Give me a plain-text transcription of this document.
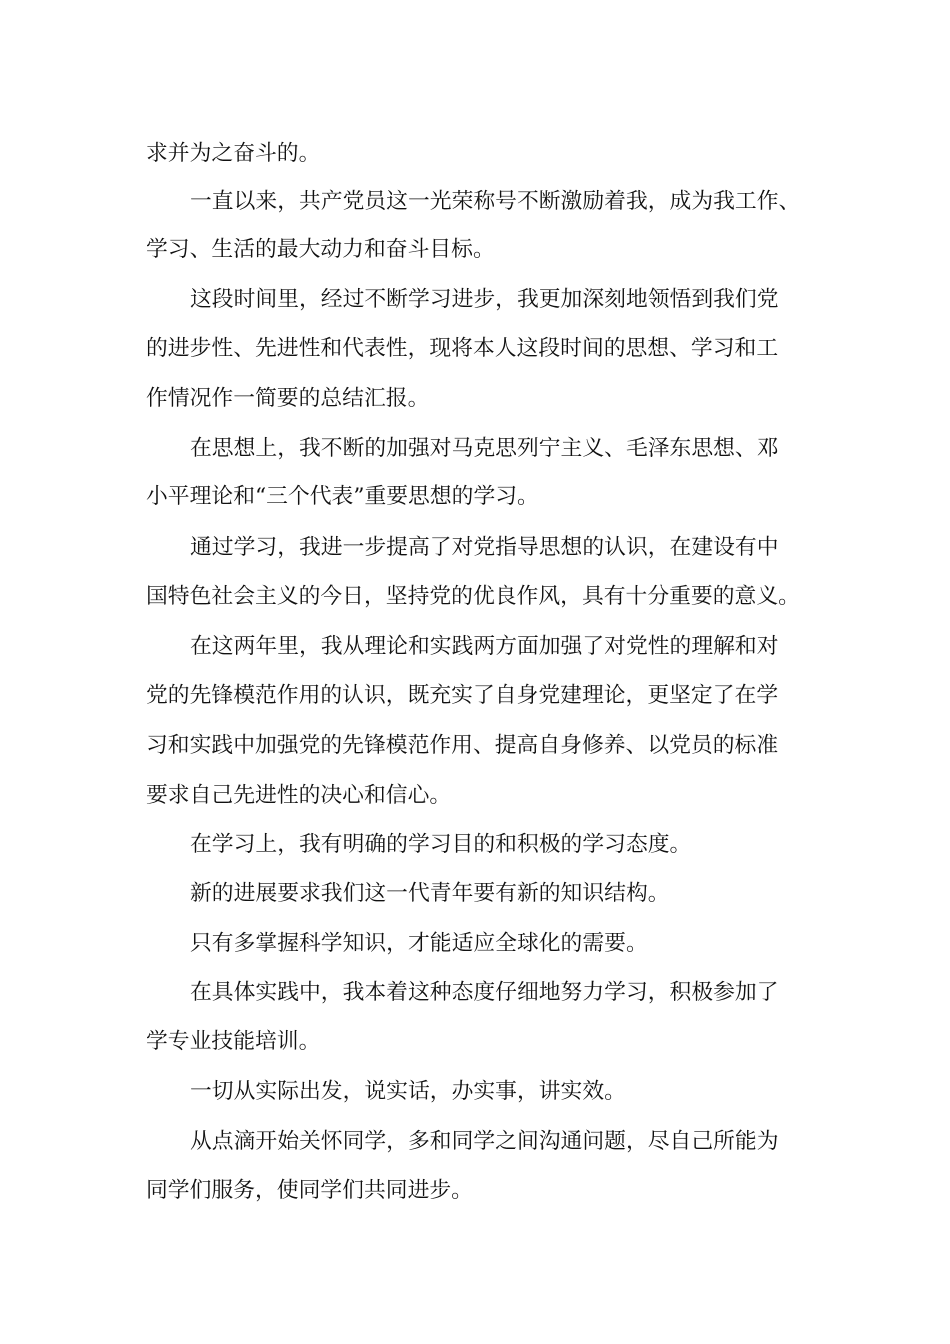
求并为之奋斗的。
一直以来，共产党员这一光荣称号不断激励着我，成为我工作、
学习、生活的最大动力和奋斗目标。
这段时间里，经过不断学习进步，我更加深刻地领悟到我们党
的进步性、先进性和代表性，现将本人这段时间的思想、学习和工
作情况作一简要的总结汇报。
在思想上，我不断的加强对马克思列宁主义、毛泽东思想、邓
小平理论和“三个代表”重要思想的学习。
通过学习，我进一步提高了对党指导思想的认识，在建设有中
国特色社会主义的今日，坚持党的优良作风，具有十分重要的意义。
在这两年里，我从理论和实践两方面加强了对党性的理解和对
党的先锋模范作用的认识，既充实了自身党建理论，更坚定了在学
习和实践中加强党的先锋模范作用、提高自身修养、以党员的标准
要求自己先进性的决心和信心。
在学习上，我有明确的学习目的和积极的学习态度。
新的进展要求我们这一代青年要有新的知识结构。
只有多掌握科学知识，才能适应全球化的需要。
在具体实践中，我本着这种态度仔细地努力学习，积极参加了
学专业技能培训。
一切从实际出发，说实话，办实事，讲实效。
从点滴开始关怀同学，多和同学之间沟通问题，尽自己所能为
同学们服务，使同学们共同进步。
